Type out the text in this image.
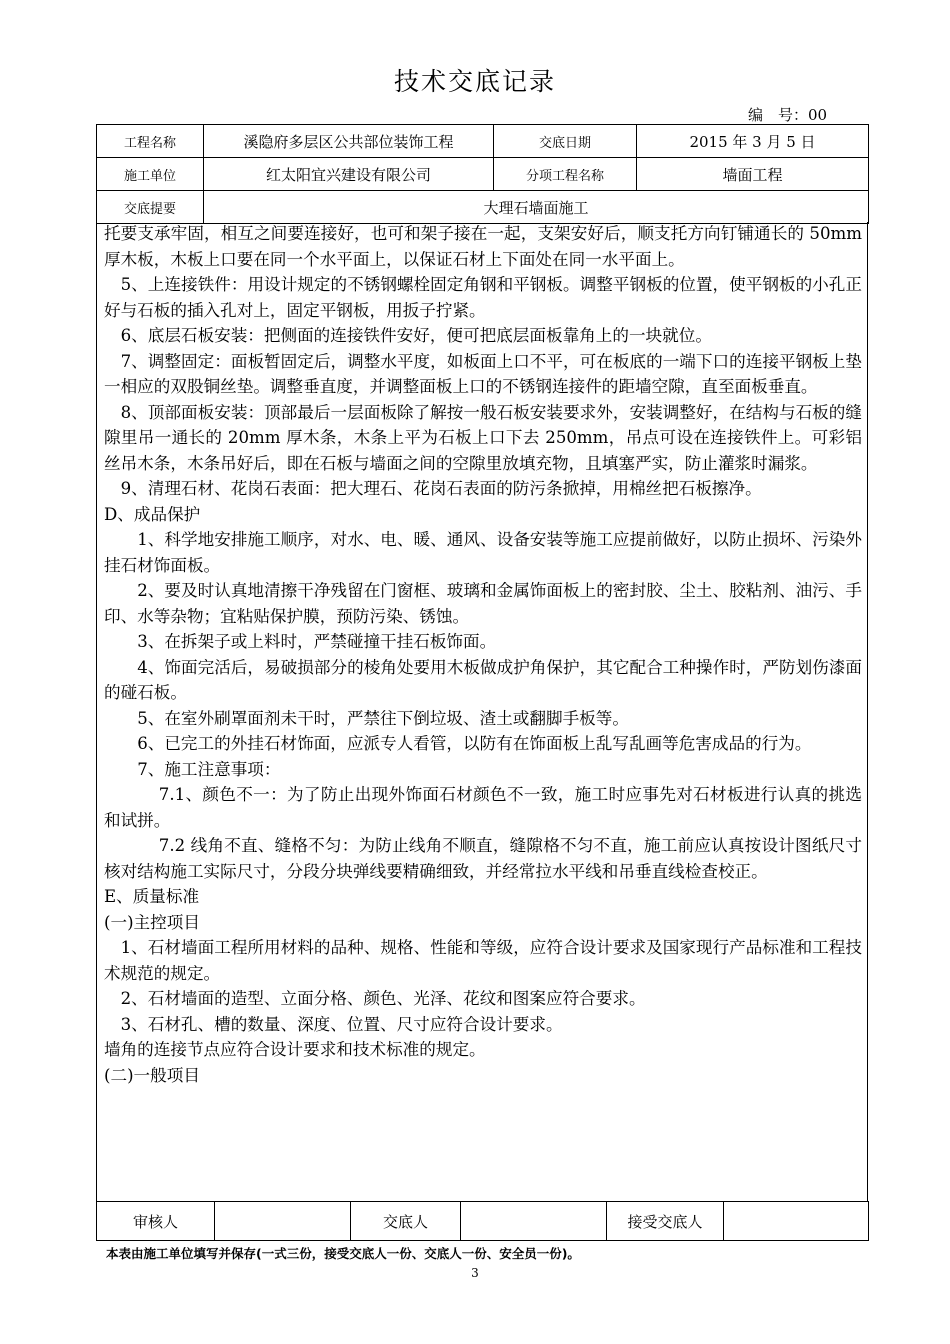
技术交底记录
编　号：00
工程名称	溪隐府多层区公共部位装饰工程	交底日期	2015 年 3 月 5 日
施工单位	红太阳宜兴建设有限公司	分项工程名称	墙面工程
交底提要	大理石墙面施工		

托要支承牢固，相互之间要连接好，也可和架子接在一起，支架安好后，顺支托方向钉铺通长的 50mm 厚木板，木板上口要在同一个水平面上，以保证石材上下面处在同一水平面上。

5、上连接铁件：用设计规定的不锈钢螺栓固定角钢和平钢板。调整平钢板的位置，使平钢板的小孔正好与石板的插入孔对上，固定平钢板，用扳子拧紧。

6、底层石板安装：把侧面的连接铁件安好，便可把底层面板靠角上的一块就位。

7、调整固定：面板暂固定后，调整水平度，如板面上口不平，可在板底的一端下口的连接平钢板上垫一相应的双股铜丝垫。调整垂直度，并调整面板上口的不锈钢连接件的距墙空隙，直至面板垂直。

8、顶部面板安装：顶部最后一层面板除了解按一般石板安装要求外，安装调整好，在结构与石板的缝隙里吊一通长的 20mm 厚木条，木条上平为石板上口下去 250mm，吊点可设在连接铁件上。可彩铝丝吊木条，木条吊好后，即在石板与墙面之间的空隙里放填充物，且填塞严实，防止灌浆时漏浆。

9、清理石材、花岗石表面：把大理石、花岗石表面的防污条掀掉，用棉丝把石板擦净。

D、成品保护

1、科学地安排施工顺序，对水、电、暖、通风、设备安装等施工应提前做好，以防止损坏、污染外挂石材饰面板。

2、要及时认真地清擦干净残留在门窗框、玻璃和金属饰面板上的密封胶、尘土、胶粘剂、油污、手印、水等杂物；宜粘贴保护膜，预防污染、锈蚀。

3、在拆架子或上料时，严禁碰撞干挂石板饰面。

4、饰面完活后，易破损部分的棱角处要用木板做成护角保护，其它配合工种操作时，严防划伤漆面的碰石板。

5、在室外刷罩面剂未干时，严禁往下倒垃圾、渣土或翻脚手板等。

6、已完工的外挂石材饰面，应派专人看管，以防有在饰面板上乱写乱画等危害成品的行为。

7、施工注意事项：

7.1、颜色不一：为了防止出现外饰面石材颜色不一致，施工时应事先对石材板进行认真的挑选和试拼。

7.2 线角不直、缝格不匀：为防止线角不顺直，缝隙格不匀不直，施工前应认真按设计图纸尺寸核对结构施工实际尺寸，分段分块弹线要精确细致，并经常拉水平线和吊垂直线检查校正。

E、质量标准

(一)主控项目

1、石材墙面工程所用材料的品种、规格、性能和等级，应符合设计要求及国家现行产品标准和工程技术规范的规定。

2、石材墙面的造型、立面分格、颜色、光泽、花纹和图案应符合要求。

3、石材孔、槽的数量、深度、位置、尺寸应符合设计要求。

墙角的连接节点应符合设计要求和技术标准的规定。

(二)一般项目

审核人		交底人		接受交底人	
本表由施工单位填写并保存(一式三份，接受交底人一份、交底人一份、安全员一份)。
3
